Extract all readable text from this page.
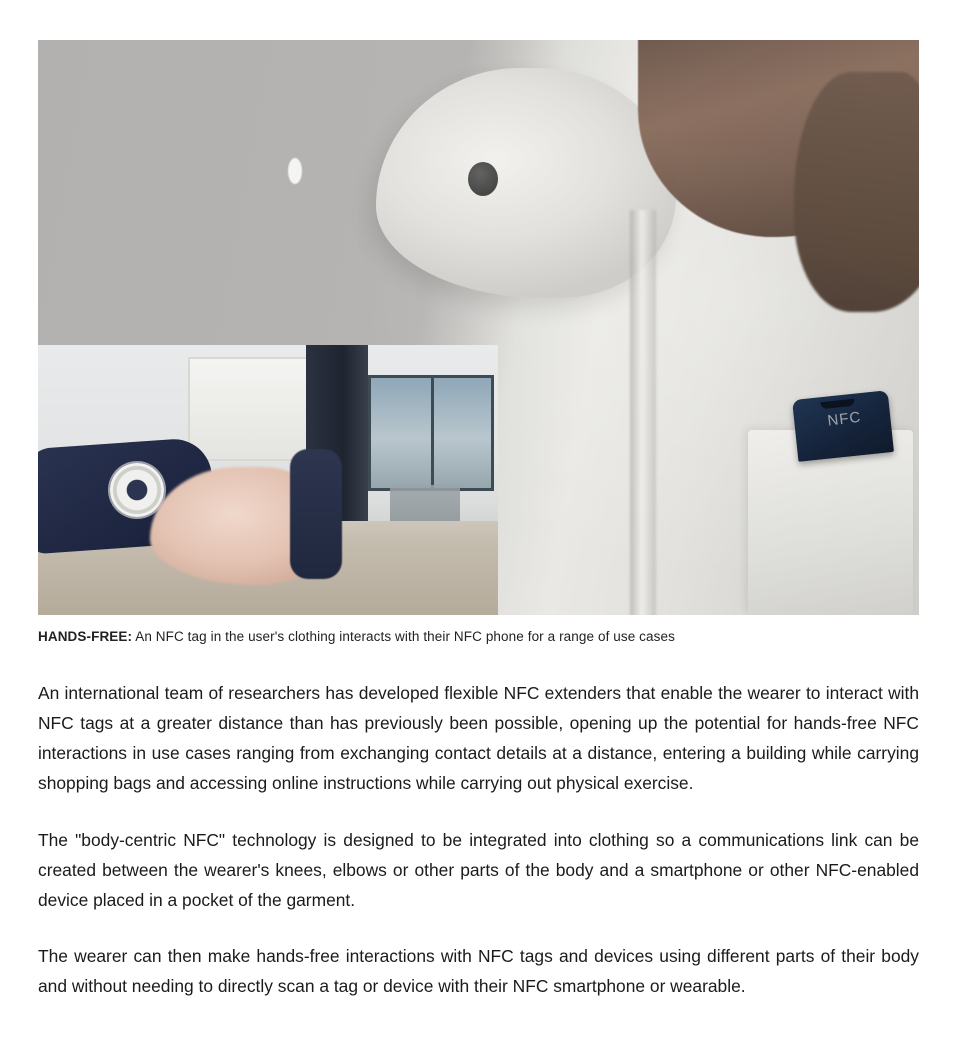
NFC
HANDS-FREE: An NFC tag in the user's clothing interacts with their NFC phone for a range of use cases

An international team of researchers has developed flexible NFC extenders that enable the wearer to interact with NFC tags at a greater distance than has previously been possible, opening up the potential for hands-free NFC interactions in use cases ranging from exchanging contact details at a distance, entering a building while carrying shopping bags and accessing online instructions while carrying out physical exercise.

The "body-centric NFC" technology is designed to be integrated into clothing so a communications link can be created between the wearer's knees, elbows or other parts of the body and a smartphone or other NFC-enabled device placed in a pocket of the garment.

The wearer can then make hands-free interactions with NFC tags and devices using different parts of their body and without needing to directly scan a tag or device with their NFC smartphone or wearable.
